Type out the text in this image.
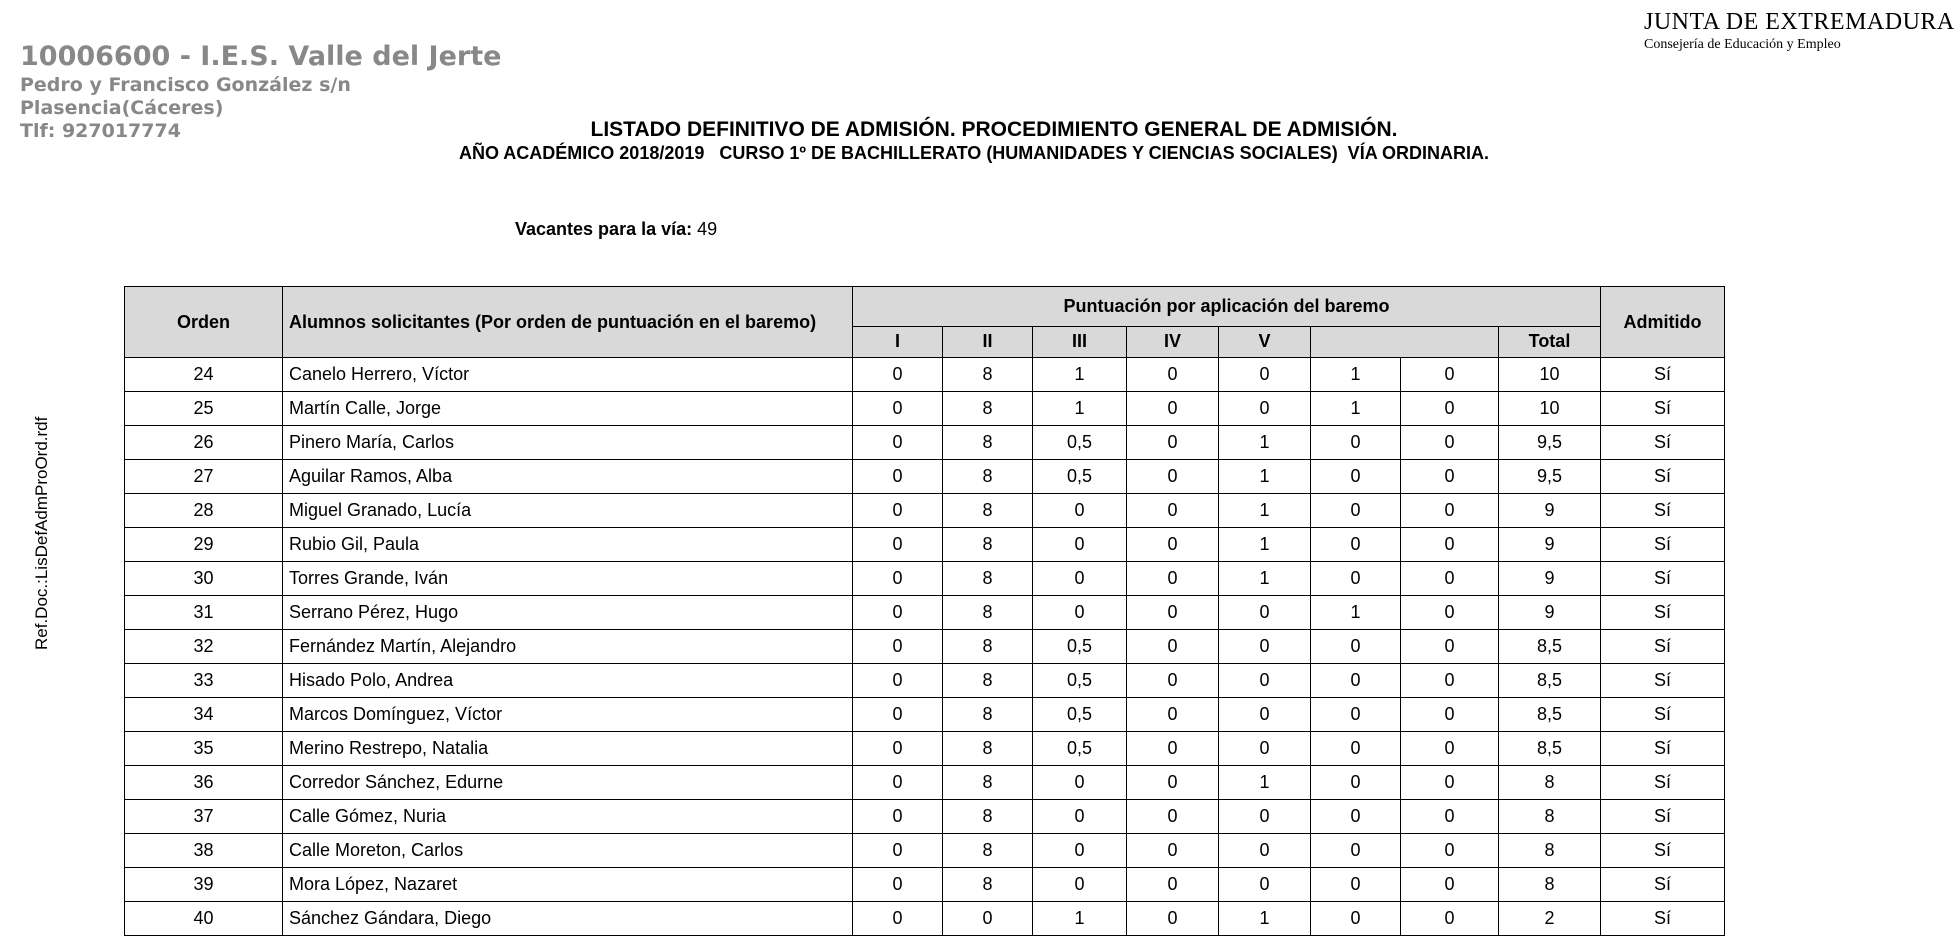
10006600 - I.E.S. Valle del Jerte
Pedro y Francisco González s/n
Plasencia(Cáceres)
Tlf: 927017774
JUNTA DE EXTREMADURA
Consejería de Educación y Empleo
LISTADO DEFINITIVO DE ADMISIÓN. PROCEDIMIENTO GENERAL DE ADMISIÓN.
AÑO ACADÉMICO 2018/2019   CURSO 1º DE BACHILLERATO (HUMANIDADES Y CIENCIAS SOCIALES)  VÍA ORDINARIA.
Vacantes para la vía: 49
Ref.Doc.:LisDefAdmProOrd.rdf
Orden	Alumnos solicitantes (Por orden de puntuación en el baremo)	Puntuación por aplicación del baremo								Admitido
		I	II	III	IV	V			Total	
24	Canelo Herrero, Víctor	0	8	1	0	0	1	0	10	Sí
25	Martín Calle, Jorge	0	8	1	0	0	1	0	10	Sí
26	Pinero María, Carlos	0	8	0,5	0	1	0	0	9,5	Sí
27	Aguilar Ramos, Alba	0	8	0,5	0	1	0	0	9,5	Sí
28	Miguel Granado, Lucía	0	8	0	0	1	0	0	9	Sí
29	Rubio Gil, Paula	0	8	0	0	1	0	0	9	Sí
30	Torres Grande, Iván	0	8	0	0	1	0	0	9	Sí
31	Serrano Pérez, Hugo	0	8	0	0	0	1	0	9	Sí
32	Fernández Martín, Alejandro	0	8	0,5	0	0	0	0	8,5	Sí
33	Hisado Polo, Andrea	0	8	0,5	0	0	0	0	8,5	Sí
34	Marcos Domínguez, Víctor	0	8	0,5	0	0	0	0	8,5	Sí
35	Merino Restrepo, Natalia	0	8	0,5	0	0	0	0	8,5	Sí
36	Corredor Sánchez, Edurne	0	8	0	0	1	0	0	8	Sí
37	Calle Gómez, Nuria	0	8	0	0	0	0	0	8	Sí
38	Calle Moreton, Carlos	0	8	0	0	0	0	0	8	Sí
39	Mora López, Nazaret	0	8	0	0	0	0	0	8	Sí
40	Sánchez Gándara, Diego	0	0	1	0	1	0	0	2	Sí
